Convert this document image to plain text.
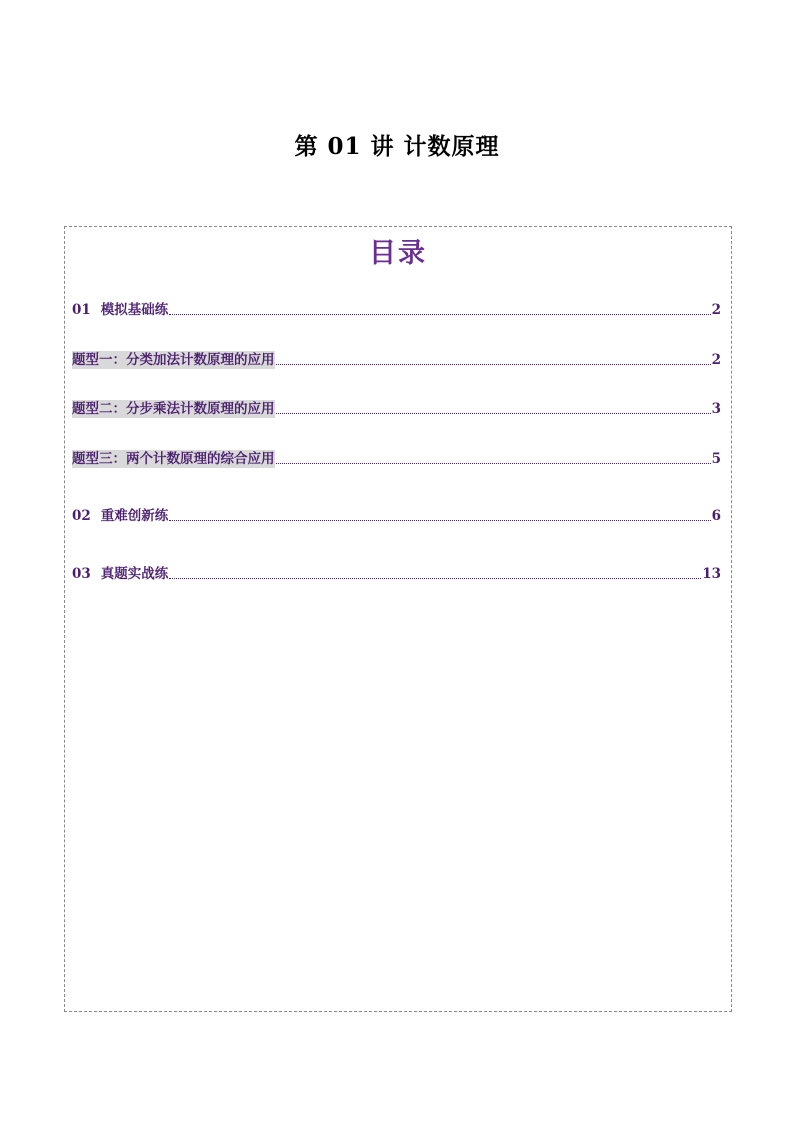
第 01 讲 计数原理
目录
01 模拟基础练	2
题型一：分类加法计数原理的应用	2
题型二：分步乘法计数原理的应用	3
题型三：两个计数原理的综合应用	5
02 重难创新练	6
03 真题实战练	13
